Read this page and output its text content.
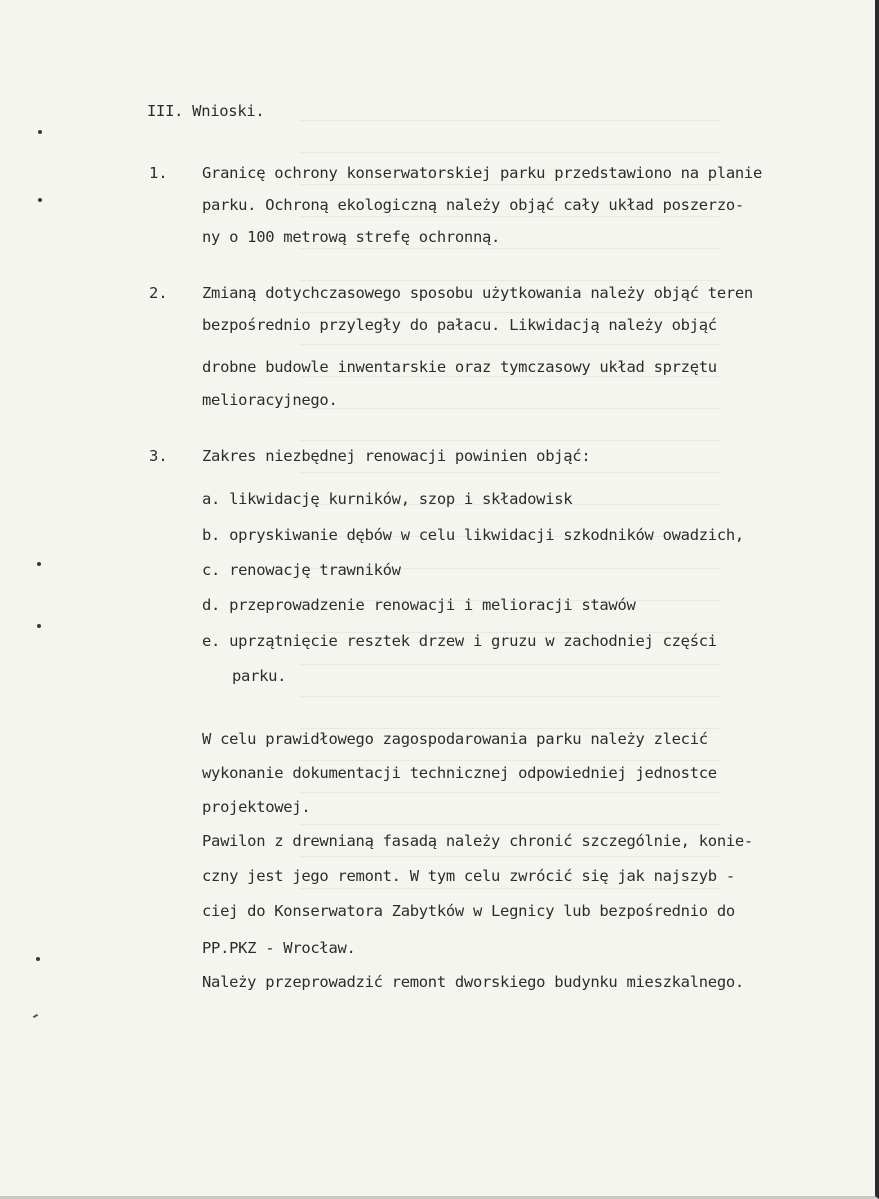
III. Wnioski.
1. Granicę ochrony konserwatorskiej parku przedstawiono na planie
parku. Ochroną ekologiczną należy objąć cały układ poszerzo-
ny o 100 metrową strefę ochronną.
2. Zmianą dotychczasowego sposobu użytkowania należy objąć teren
bezpośrednio przyległy do pałacu. Likwidacją należy objąć
drobne budowle inwentarskie oraz tymczasowy układ sprzętu
melioracyjnego.
3. Zakres niezbędnej renowacji powinien objąć:
a. likwidację kurników, szop i składowisk
b. opryskiwanie dębów w celu likwidacji szkodników owadzich,
c. renowację trawników
d. przeprowadzenie renowacji i melioracji stawów
e. uprzątnięcie resztek drzew i gruzu w zachodniej części
parku.
W celu prawidłowego zagospodarowania parku należy zlecić
wykonanie dokumentacji technicznej odpowiedniej jednostce
projektowej.
Pawilon z drewnianą fasadą należy chronić szczególnie, konie-
czny jest jego remont. W tym celu zwrócić się jak najszyb -
ciej do Konserwatora Zabytków w Legnicy lub bezpośrednio do
PP.PKZ - Wrocław.
Należy przeprowadzić remont dworskiego budynku mieszkalnego.
